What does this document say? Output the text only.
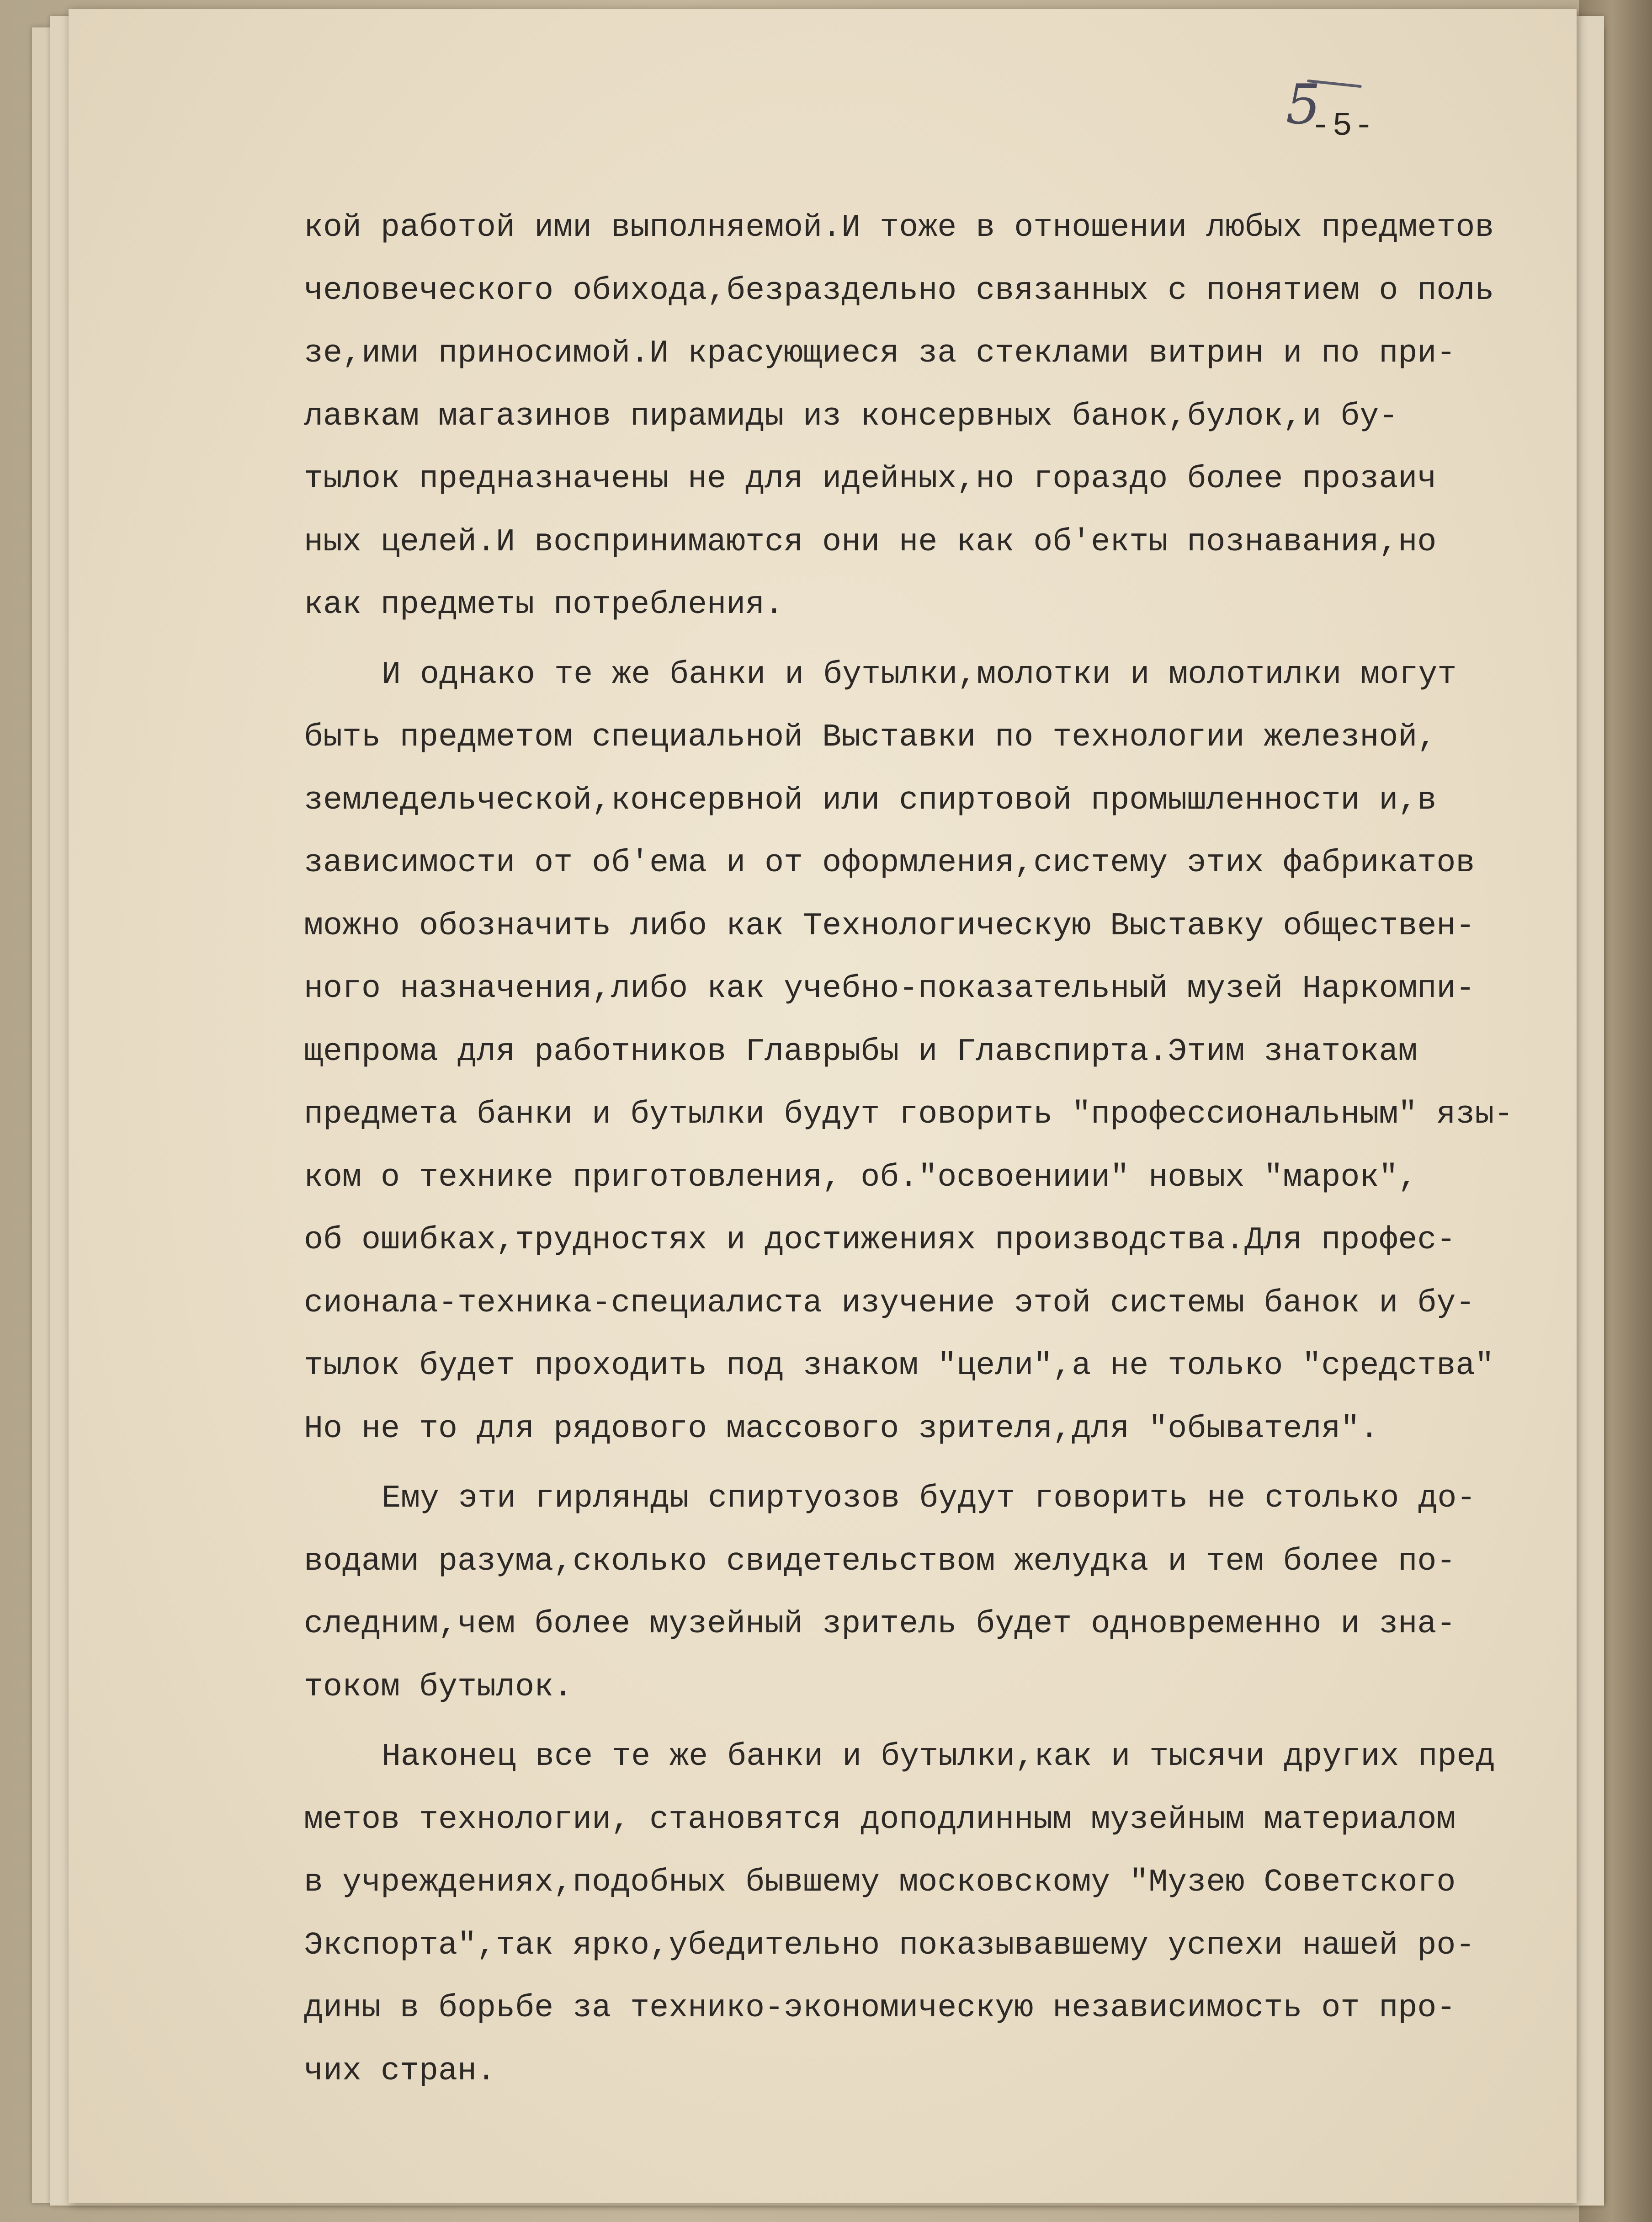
5
-5-
кой работой ими выполняемой.И тоже в отношении любых предметов
человеческого обихода,безраздельно связанных с понятием о поль
зе,ими приносимой.И красующиеся за стеклами витрин и по при-
лавкам магазинов пирамиды из консервных банок,булок,и бу-
тылок предназначены не для идейных,но гораздо более прозаич
ных целей.И воспринимаются они не как об'екты познавания,но
как предметы потребления.
И однако те же банки и бутылки,молотки и молотилки могут
быть предметом специальной Выставки по технологии железной,
земледельческой,консервной или спиртовой промышленности и,в
зависимости от об'ема и от оформления,систему этих фабрикатов
можно обозначить либо как Технологическую Выставку обществен-
ного назначения,либо как учебно-показательный музей Наркомпи-
щепрома для работников Главрыбы и Главспирта.Этим знатокам
предмета банки и бутылки будут говорить "профессиональным" язы-
ком о технике приготовления, об."освоениии" новых "марок",
об ошибках,трудностях и достижениях производства.Для профес-
сионала-техника-специалиста изучение этой системы банок и бу-
тылок будет проходить под знаком "цели",а не только "средства"
Но не то для рядового массового зрителя,для "обывателя".
Ему эти гирлянды спиртуозов будут говорить не столько до-
водами разума,сколько свидетельством желудка и тем более по-
следним,чем более музейный зритель будет одновременно и зна-
током бутылок.
Наконец все те же банки и бутылки,как и тысячи других пред
метов технологии, становятся доподлинным музейным материалом
в учреждениях,подобных бывшему московскому "Музею Советского
Экспорта",так ярко,убедительно показывавшему успехи нашей ро-
дины в борьбе за технико-экономическую независимость от про-
чих стран.
